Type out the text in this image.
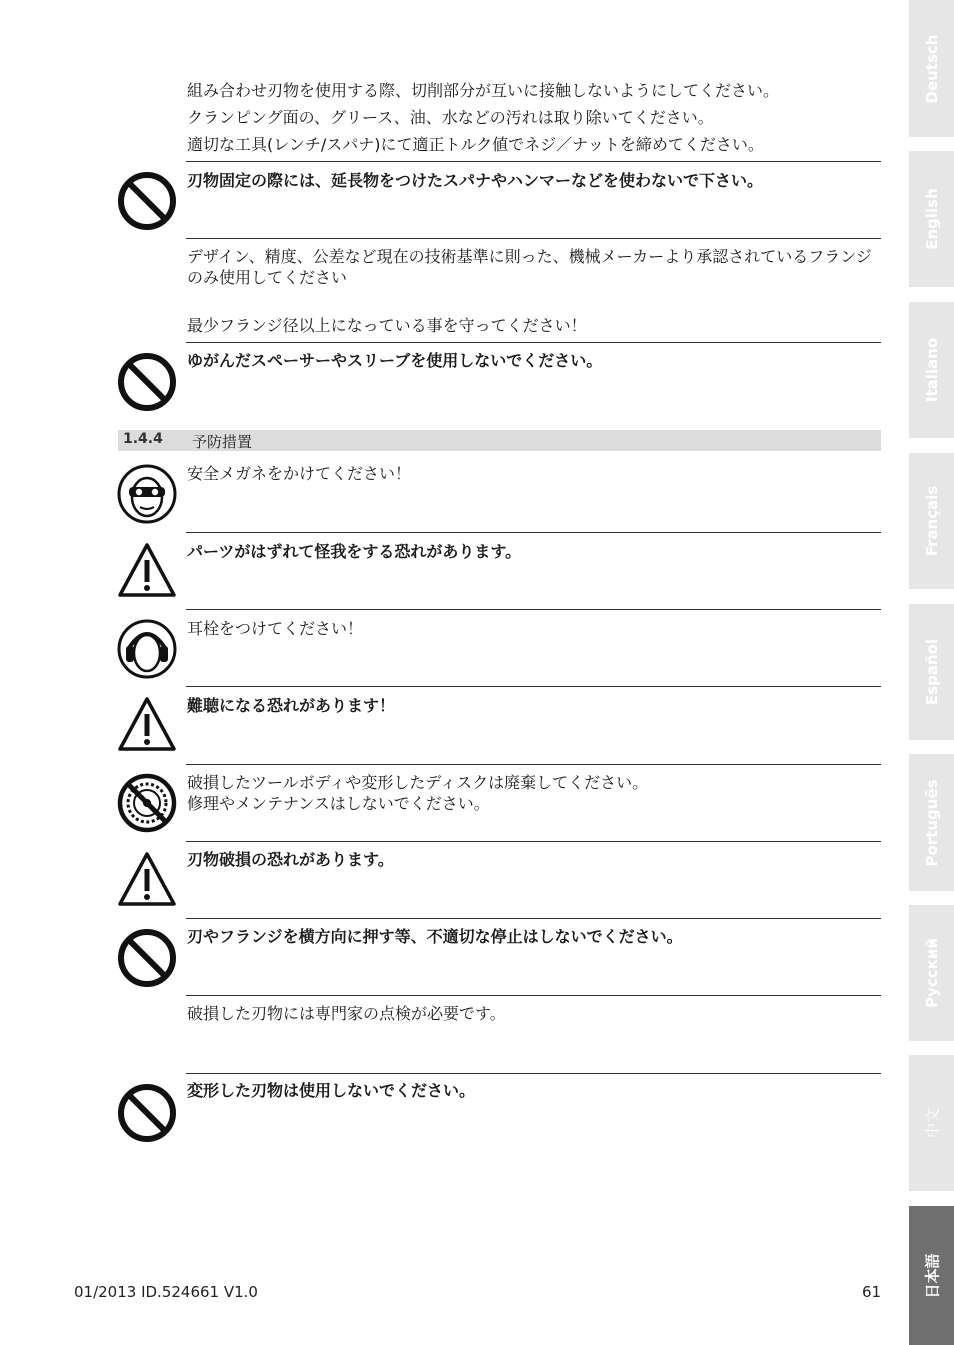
組み合わせ刃物を使用する際、切削部分が互いに接触しないようにしてください。
クランピング面の、グリース、油、水などの汚れは取り除いてください。
適切な工具(レンチ/スパナ)にて適正トルク値でネジ／ナットを締めてください。
刃物固定の際には、延長物をつけたスパナやハンマーなどを使わないで下さい。
デザイン、精度、公差など現在の技術基準に則った、機械メーカーより承認されているフランジのみ使用してください
最少フランジ径以上になっている事を守ってください！
ゆがんだスペーサーやスリーブを使用しないでください。
1.4.4 予防措置
安全メガネをかけてください！
パーツがはずれて怪我をする恐れがあります。
耳栓をつけてください！
難聴になる恐れがあります！
破損したツールボディや変形したディスクは廃棄してください。
修理やメンテナンスはしないでください。
刃物破損の恐れがあります。
刃やフランジを横方向に押す等、不適切な停止はしないでください。
破損した刃物には専門家の点検が必要です。
変形した刃物は使用しないでください。
01/2013 ID.524661 V1.0	61
Deutsch
English
Italiano
Français
Español
Português
Русский
中文
日本語
